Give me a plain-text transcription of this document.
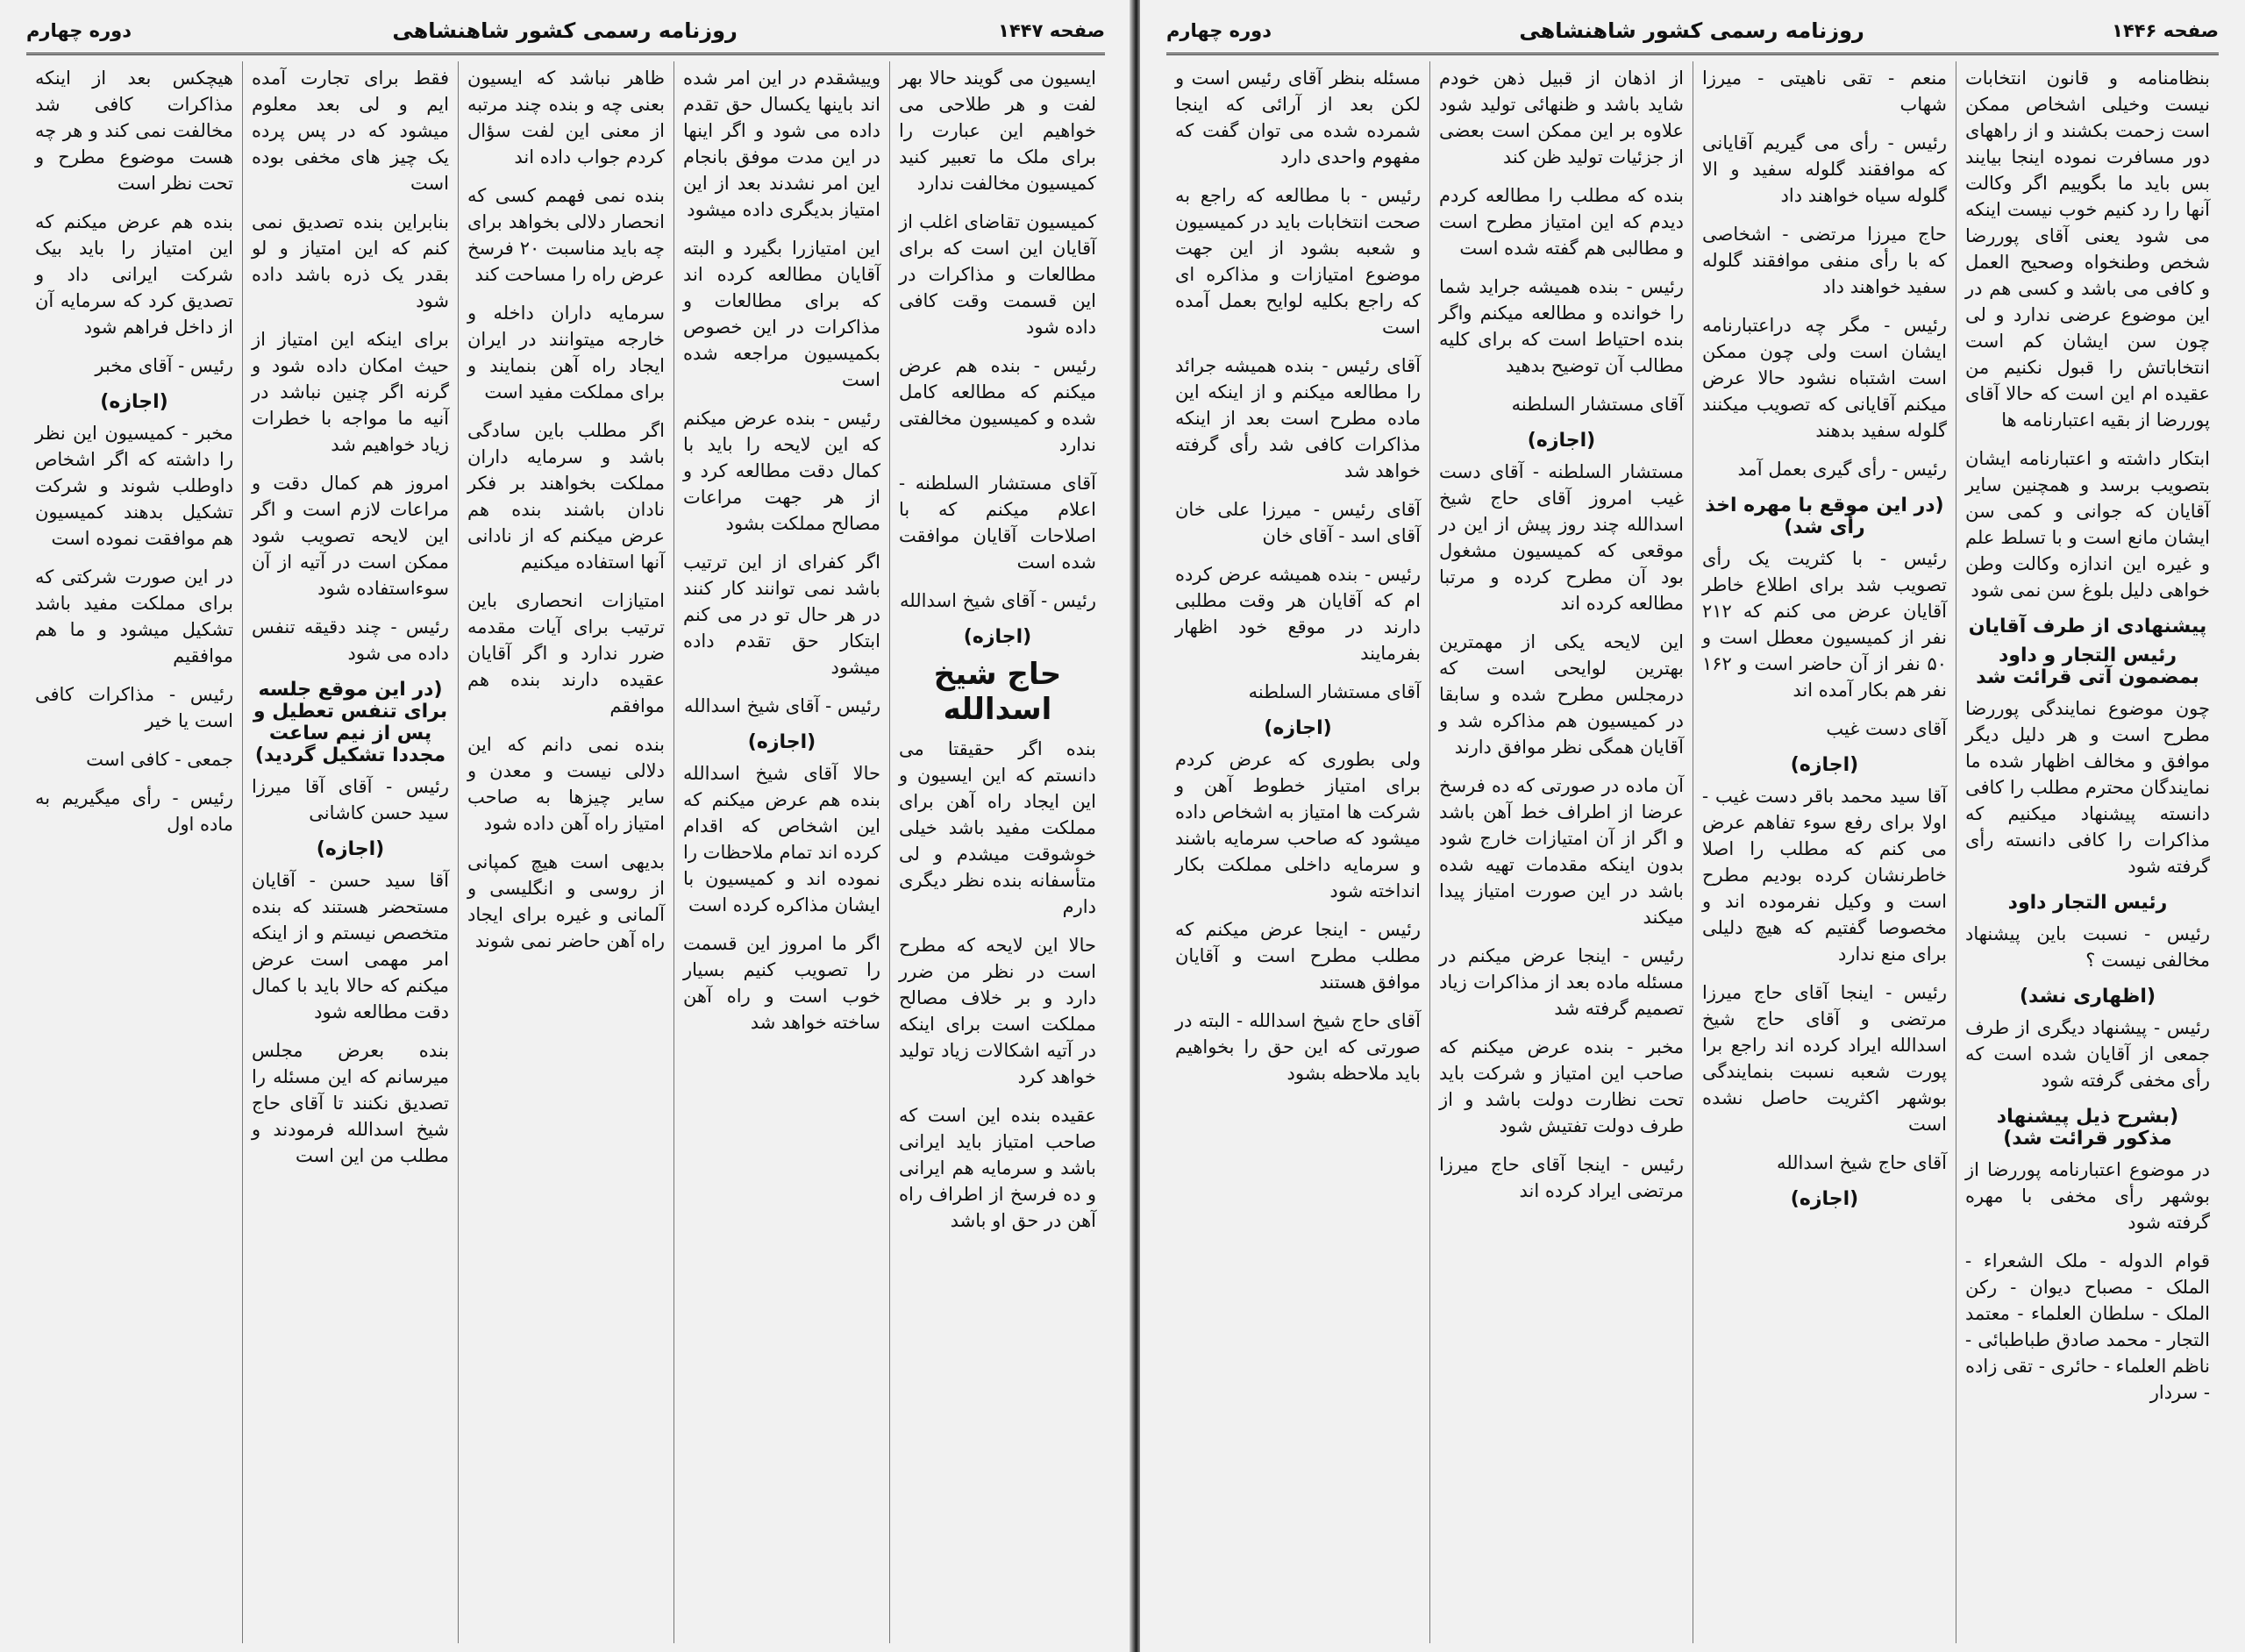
صفحه ۱۴۴۷
روزنامه رسمی کشور شاهنشاهی
دوره چهارم
ایسیون می گویند حالا بهر لفت و هر طلاحی می خواهیم این عبارت را برای ملک ما تعبیر کنید کمیسیون مخالفت ندارد
کمیسیون تقاضای اغلب از آقایان این است که برای مطالعات و مذاکرات در این قسمت وقت کافی داده شود
رئیس - بنده هم عرض میکنم که مطالعه کامل شده و کمیسیون مخالفتی ندارد
آقای مستشار السلطنه - اعلام میکنم که با اصلاحات آقایان موافقت شده است
رئیس - آقای شیخ اسدالله
(اجازه)
حاج شیخ اسدالله
بنده اگر حقیقتا می دانستم که این ایسیون و این ایجاد راه آهن برای مملکت مفید باشد خیلی خوشوقت میشدم و لی متأسفانه بنده نظر دیگری دارم
حالا این لایحه که مطرح است در نظر من ضرر دارد و بر خلاف مصالح مملکت است برای اینکه در آتیه اشکالات زیاد تولید خواهد کرد
عقیده بنده این است که صاحب امتیاز باید ایرانی باشد و سرمایه هم ایرانی و ده فرسخ از اطراف راه آهن در حق او باشد
وییشقدم در این امر شده اند باینها یکسال حق تقدم داده می شود و اگر اینها در این مدت موفق بانجام این امر نشدند بعد از این امتیاز بدیگری داده میشود
این امتیازرا بگیرد و البته آقایان مطالعه کرده اند که برای مطالعات و مذاکرات در این خصوص بکمیسیون مراجعه شده است
رئیس - بنده عرض میکنم که این لایحه را باید با کمال دقت مطالعه کرد و از هر جهت مراعات مصالح مملکت بشود
اگر کفرای از این ترتیب باشد نمی توانند کار کنند در هر حال تو در می کنم ابتکار حق تقدم داده میشود
رئیس - آقای شیخ اسدالله
(اجازه)
حالا آقای شیخ اسدالله بنده هم عرض میکنم که این اشخاص که اقدام کرده اند تمام ملاحظات را نموده اند و کمیسیون با ایشان مذاکره کرده است
اگر ما امروز این قسمت را تصویب کنیم بسیار خوب است و راه آهن ساخته خواهد شد
ظاهر نباشد که ایسیون بعنی چه و بنده چند مرتبه از معنی این لفت سؤال کردم جواب داده اند
بنده نمی فهمم کسی که انحصار دلالی بخواهد برای چه باید مناسبت ۲۰ فرسخ عرض راه را مساحت کند
سرمایه داران داخله و خارجه میتوانند در ایران ایجاد راه آهن بنمایند و برای مملکت مفید است
اگر مطلب باین سادگی باشد و سرمایه داران مملکت بخواهند بر فکر نادان باشند بنده هم عرض میکنم که از نادانی آنها استفاده میکنیم
امتیازات انحصاری باین ترتیب برای آیات مقدمه ضرر ندارد و اگر آقایان عقیده دارند بنده هم موافقم
بنده نمی دانم که این دلالی نیست و معدن و سایر چیزها به صاحب امتیاز راه آهن داده شود
بدیهی است هیچ کمپانی از روسی و انگلیسی و آلمانی و غیره برای ایجاد راه آهن حاضر نمی شوند
فقط برای تجارت آمده ایم و لی بعد معلوم میشود که در پس پرده یک چیز های مخفی بوده است
بنابراین بنده تصدیق نمی کنم که این امتیاز و لو بقدر یک ذره باشد داده شود
برای اینکه این امتیاز از حیث امکان داده شود و گرنه اگر چنین نباشد در آنیه ما مواجه با خطرات زیاد خواهیم شد
امروز هم کمال دقت و مراعات لازم است و اگر این لایحه تصویب شود ممکن است در آتیه از آن سوءاستفاده شود
رئیس - چند دقیقه تنفس داده می شود
(در این موقع جلسه برای تنفس تعطیل و پس از نیم ساعت مجددا تشکیل گردید)
رئیس - آقای آقا میرزا سید حسن کاشانی
(اجازه)
آقا سید حسن - آقایان مستحضر هستند که بنده متخصص نیستم و از اینکه امر مهمی است عرض میکنم که حالا باید با کمال دقت مطالعه شود
بنده بعرض مجلس میرسانم که این مسئله را تصدیق نکنند تا آقای حاج شیخ اسدالله فرمودند و مطلب من این است
هیچکس بعد از اینکه مذاکرات کافی شد مخالفت نمی کند و هر چه هست موضوع مطرح و تحت نظر است
بنده هم عرض میکنم که این امتیاز را باید بیک شرکت ایرانی داد و تصدیق کرد که سرمایه آن از داخل فراهم شود
رئیس - آقای مخبر
(اجازه)
مخبر - کمیسیون این نظر را داشته که اگر اشخاص داوطلب شوند و شرکت تشکیل بدهند کمیسیون هم موافقت نموده است
در این صورت شرکتی که برای مملکت مفید باشد تشکیل میشود و ما هم موافقیم
رئیس - مذاکرات کافی است یا خیر
جمعی - کافی است
رئیس - رأی میگیریم به ماده اول
صفحه ۱۴۴۶
روزنامه رسمی کشور شاهنشاهی
دوره چهارم
بنظامنامه و قانون انتخابات نیست وخیلی اشخاص ممکن است زحمت بکشند و از راههای دور مسافرت نموده اینجا بیایند بس باید ما بگوییم اگر وکالت آنها را رد کنیم خوب نیست اینکه می شود یعنی آقای پوررضا شخص وطنخواه وصحیح العمل و کافی می باشد و کسی هم در این موضوع عرضی ندارد و لی چون سن ایشان کم است انتخاباتش را قبول نکنیم من عقیده ام این است که حالا آقای پوررضا از بقیه اعتبارنامه ها
ابتکار داشته و اعتبارنامه ایشان بتصویب برسد و همچنین سایر آقایان که جوانی و کمی سن ایشان مانع است و با تسلط علم و غیره این اندازه وکالت وطن خواهی دلیل بلوغ سن نمی شود
پیشنهادی از طرف آقایان
رئیس التجار و داود بمضمون آتی قرائت شد
چون موضوع نمایندگی پوررضا مطرح است و هر دلیل دیگر موافق و مخالف اظهار شده ما نمایندگان محترم مطلب را کافی دانسته پیشنهاد میکنیم که مذاکرات را کافی دانسته رأی گرفته شود
رئیس التجار داود
رئیس - نسبت باین پیشنهاد مخالفی نیست ؟
(اظهاری نشد)
رئیس - پیشنهاد دیگری از طرف جمعی از آقایان شده است که رأی مخفی گرفته شود
(بشرح ذیل پیشنهاد مذکور قرائت شد)
در موضوع اعتبارنامه پوررضا از بوشهر رأی مخفی با مهره گرفته شود
قوام الدوله - ملک الشعراء - الملک - مصباح دیوان - رکن الملک - سلطان العلماء - معتمد التجار - محمد صادق طباطبائی - ناظم العلماء - حائری - تقی زاده - سردار
منعم - تقی ناهیتی - میرزا شهاب
رئیس - رأی می گیریم آقایانی که موافقند گلوله سفید و الا گلوله سیاه خواهند داد
حاج میرزا مرتضی - اشخاصی که با رأی منفی موافقند گلوله سفید خواهند داد
رئیس - مگر چه دراعتبارنامه ایشان است ولی چون ممکن است اشتباه نشود حالا عرض میکنم آقایانی که تصویب میکنند گلوله سفید بدهند
رئیس - رأی گیری بعمل آمد
(در این موقع با مهره اخذ رأی شد)
رئیس - با کثریت یک رأی تصویب شد برای اطلاع خاطر آقایان عرض می کنم که ۲۱۲ نفر از کمیسیون معطل است و ۵۰ نفر از آن حاضر است و ۱۶۲ نفر هم بکار آمده اند
آقای دست غیب
(اجازه)
آقا سید محمد باقر دست غیب - اولا برای رفع سوء تفاهم عرض می کنم که مطلب را اصلا خاطرنشان کرده بودیم مطرح است و وکیل نفرموده اند و مخصوصا گفتیم که هیچ دلیلی برای منع ندارد
رئیس - اینجا آقای حاج میرزا مرتضی و آقای حاج شیخ اسدالله ایراد کرده اند راجع برا پورت شعبه نسبت بنمایندگی بوشهر اکثریت حاصل نشده است
آقای حاج شیخ اسدالله
(اجازه)
از اذهان از قبیل ذهن خودم شاید باشد و ظنهائی تولید شود علاوه بر این ممکن است بعضی از جزئیات تولید ظن کند
بنده که مطلب را مطالعه کردم دیدم که این امتیاز مطرح است و مطالبی هم گفته شده است
رئیس - بنده همیشه جراید شما را خوانده و مطالعه میکنم واگر بنده احتیاط است که برای کلیه مطالب آن توضیح بدهید
آقای مستشار السلطنه
(اجازه)
مستشار السلطنه - آقای دست غیب امروز آقای حاج شیخ اسدالله چند روز پیش از این در موقعی که کمیسیون مشغول بود آن مطرح کرده و مرتبا مطالعه کرده اند
این لایحه یکی از مهمترین بهترین لوایحی است که درمجلس مطرح شده و سابقا در کمیسیون هم مذاکره شد و آقایان همگی نظر موافق دارند
آن ماده در صورتی که ده فرسخ عرضا از اطراف خط آهن باشد و اگر از آن امتیازات خارج شود بدون اینکه مقدمات تهیه شده باشد در این صورت امتیاز پیدا میکند
رئیس - اینجا عرض میکنم در مسئله ماده بعد از مذاکرات زیاد تصمیم گرفته شد
مخبر - بنده عرض میکنم که صاحب این امتیاز و شرکت باید تحت نظارت دولت باشد و از طرف دولت تفتیش شود
رئیس - اینجا آقای حاج میرزا مرتضی ایراد کرده اند
مسئله بنظر آقای رئیس است و لکن بعد از آرائی که اینجا شمرده شده می توان گفت که مفهوم واحدی دارد
رئیس - با مطالعه که راجع به صحت انتخابات باید در کمیسیون و شعبه بشود از این جهت موضوع امتیازات و مذاکره ای که راجع بکلیه لوایح بعمل آمده است
آقای رئیس - بنده همیشه جرائد را مطالعه میکنم و از اینکه این ماده مطرح است بعد از اینکه مذاکرات کافی شد رأی گرفته خواهد شد
آقای رئیس - میرزا علی خان آقای اسد - آقای خان
رئیس - بنده همیشه عرض کرده ام که آقایان هر وقت مطلبی دارند در موقع خود اظهار بفرمایند
آقای مستشار السلطنه
(اجازه)
ولی بطوری که عرض کردم برای امتیاز خطوط آهن و شرکت ها امتیاز به اشخاص داده میشود که صاحب سرمایه باشند و سرمایه داخلی مملکت بکار انداخته شود
رئیس - اینجا عرض میکنم که مطلب مطرح است و آقایان موافق هستند
آقای حاج شیخ اسدالله - البته در صورتی که این حق را بخواهیم باید ملاحظه بشود
